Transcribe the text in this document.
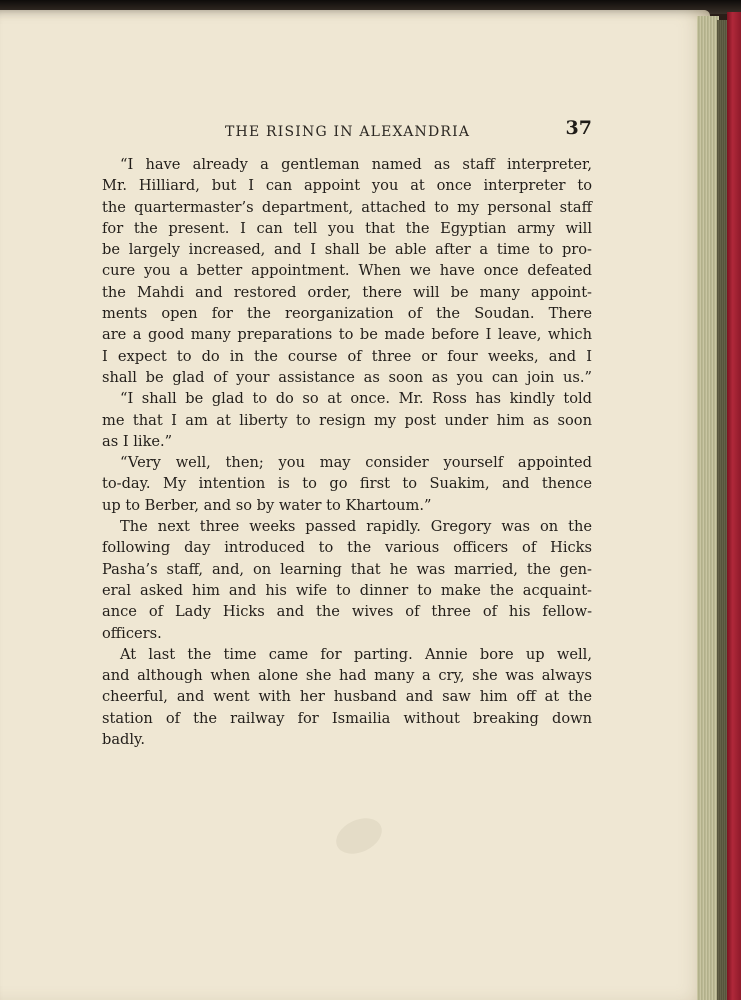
THE RISING IN ALEXANDRIA	37
“I have already a gentleman named as staff interpreter,
Mr. Hilliard, but I can appoint you at once interpreter to
the quartermaster’s department, attached to my personal staff
for the present. I can tell you that the Egyptian army will
be largely increased, and I shall be able after a time to pro-
cure you a better appointment. When we have once defeated
the Mahdi and restored order, there will be many appoint-
ments open for the reorganization of the Soudan. There
are a good many preparations to be made before I leave, which
I expect to do in the course of three or four weeks, and I
shall be glad of your assistance as soon as you can join us.”
“I shall be glad to do so at once. Mr. Ross has kindly told
me that I am at liberty to resign my post under him as soon
as I like.”
“Very well, then; you may consider yourself appointed
to-day. My intention is to go first to Suakim, and thence
up to Berber, and so by water to Khartoum.”
The next three weeks passed rapidly. Gregory was on the
following day introduced to the various officers of Hicks
Pasha’s staff, and, on learning that he was married, the gen-
eral asked him and his wife to dinner to make the acquaint-
ance of Lady Hicks and the wives of three of his fellow-
officers.
At last the time came for parting. Annie bore up well,
and although when alone she had many a cry, she was always
cheerful, and went with her husband and saw him off at the
station of the railway for Ismailia without breaking down
badly.
